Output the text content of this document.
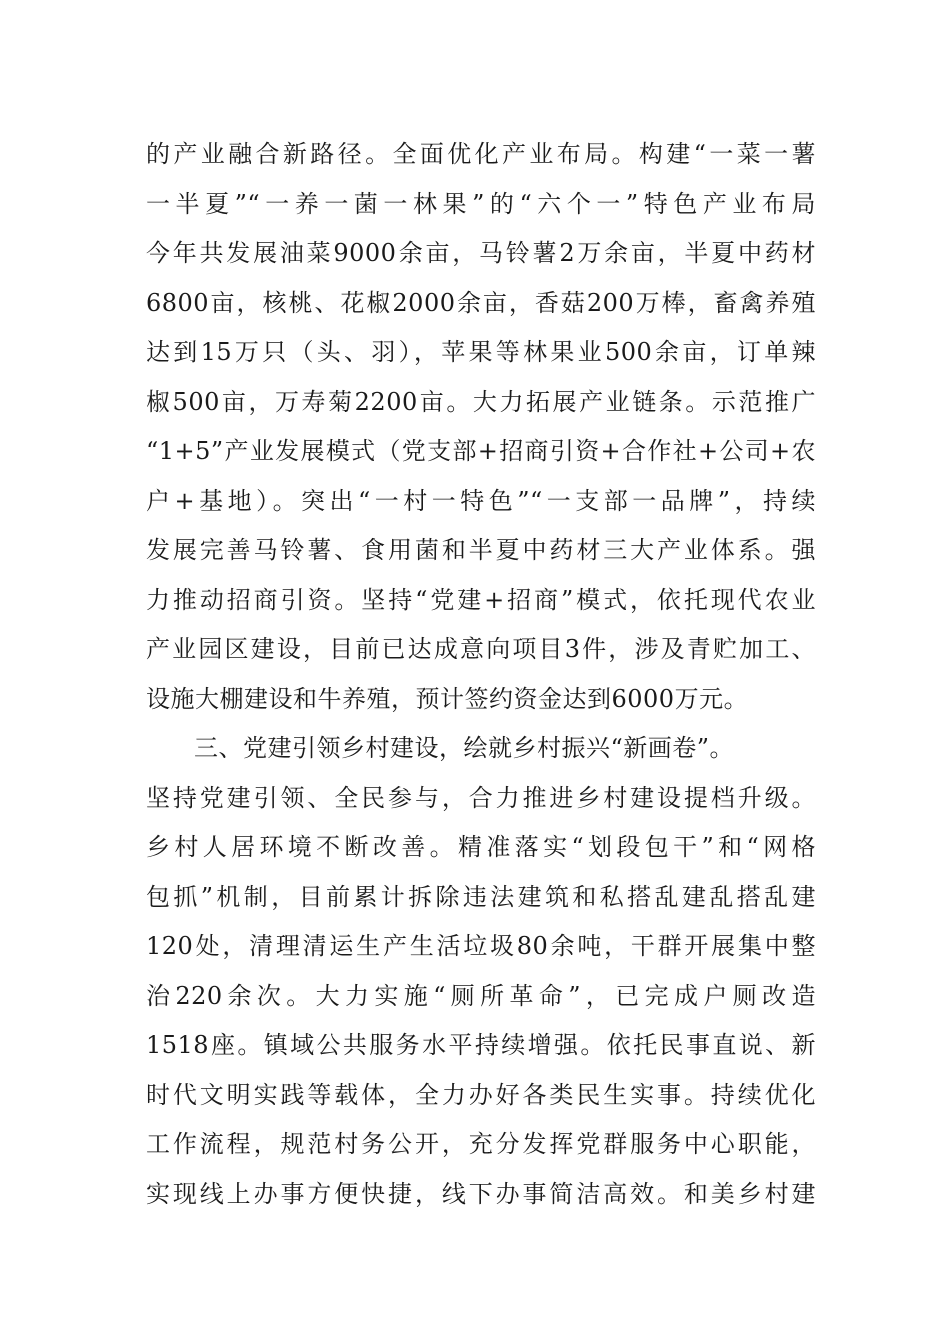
的产业融合新路径。全面优化产业布局。构建“一菜一薯
一半夏”“一养一菌一林果”的“六个一”特色产业布局
今年共发展油菜9000余亩，马铃薯2万余亩，半夏中药材
6800亩，核桃、花椒2000余亩，香菇200万棒，畜禽养殖
达到15万只（头、羽），苹果等林果业500余亩，订单辣
椒500亩，万寿菊2200亩。大力拓展产业链条。示范推广
“1+5”产业发展模式（党支部+招商引资+合作社+公司+农
户+基地）。突出“一村一特色”“一支部一品牌”，持续
发展完善马铃薯、食用菌和半夏中药材三大产业体系。强
力推动招商引资。坚持“党建+招商”模式，依托现代农业
产业园区建设，目前已达成意向项目3件，涉及青贮加工、
设施大棚建设和牛养殖，预计签约资金达到6000万元。
三、党建引领乡村建设，绘就乡村振兴“新画卷”。
坚持党建引领、全民参与，合力推进乡村建设提档升级。
乡村人居环境不断改善。精准落实“划段包干”和“网格
包抓”机制，目前累计拆除违法建筑和私搭乱建乱搭乱建
120处，清理清运生产生活垃圾80余吨，干群开展集中整
治220余次。大力实施“厕所革命”，已完成户厕改造
1518座。镇域公共服务水平持续增强。依托民事直说、新
时代文明实践等载体，全力办好各类民生实事。持续优化
工作流程，规范村务公开，充分发挥党群服务中心职能，
实现线上办事方便快捷，线下办事简洁高效。和美乡村建
